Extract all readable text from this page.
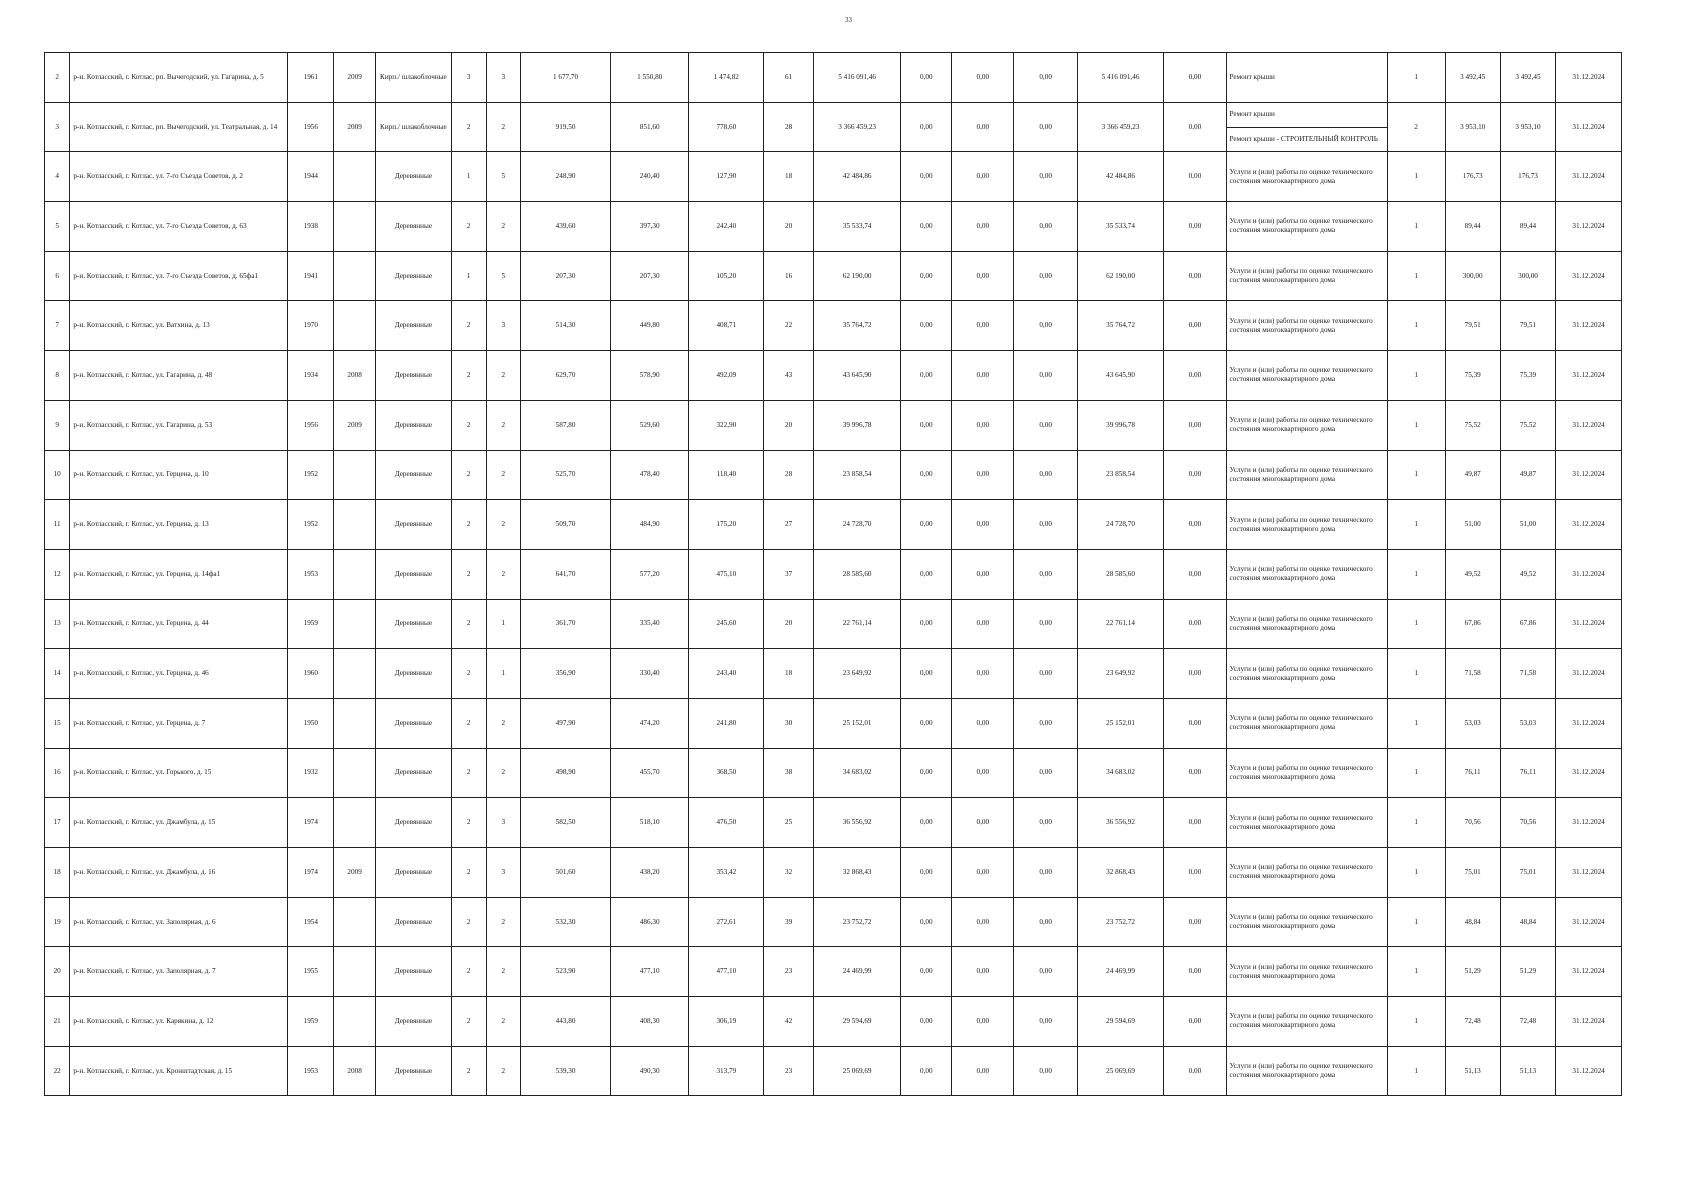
33
2	р-н. Котласский, г. Котлас, рп. Вычегодский, ул. Гагарина, д. 5	1961	2009	Кирп./ шлакоблочные	3	3	1 677,70	1 550,80	1 474,82	61	5 416 091,46	0,00	0,00	0,00	5 416 091,46	0,00	Ремонт крыши	1	3 492,45	3 492,45	31.12.2024
3	р-н. Котласский, г. Котлас, рп. Вычегодский, ул. Театральная, д. 14	1956	2009	Кирп./ шлакоблочные	2	2	919,50	851,60	778,60	28	3 366 459,23	0,00	0,00	0,00	3 366 459,23	0,00	Ремонт крыши
Ремонт крыши - СТРОИТЕЛЬНЫЙ КОНТРОЛЬ	2	3 953,10	3 953,10	31.12.2024
4	р-н. Котласский, г. Котлас, ул. 7-го Съезда Советов, д. 2	1944		Деревянные	1	5	248,90	240,40	127,90	18	42 484,86	0,00	0,00	0,00	42 484,86	0,00	Услуги и (или) работы по оценке технического состояния многоквартирного дома	1	176,73	176,73	31.12.2024
5	р-н. Котласский, г. Котлас, ул. 7-го Съезда Советов, д. 63	1938		Деревянные	2	2	439,60	397,30	242,40	20	35 533,74	0,00	0,00	0,00	35 533,74	0,00	Услуги и (или) работы по оценке технического состояния многоквартирного дома	1	89,44	89,44	31.12.2024
6	р-н. Котласский, г. Котлас, ул. 7-го Съезда Советов, д. 65фа1	1941		Деревянные	1	5	207,30	207,30	105,20	16	62 190,00	0,00	0,00	0,00	62 190,00	0,00	Услуги и (или) работы по оценке технического состояния многоквартирного дома	1	300,00	300,00	31.12.2024
7	р-н. Котласский, г. Котлас, ул. Ватхина, д. 13	1970		Деревянные	2	3	514,30	449,80	408,71	22	35 764,72	0,00	0,00	0,00	35 764,72	0,00	Услуги и (или) работы по оценке технического состояния многоквартирного дома	1	79,51	79,51	31.12.2024
8	р-н. Котласский, г. Котлас, ул. Гагарина, д. 48	1934	2008	Деревянные	2	2	629,70	578,90	492,09	43	43 645,90	0,00	0,00	0,00	43 645,90	0,00	Услуги и (или) работы по оценке технического состояния многоквартирного дома	1	75,39	75,39	31.12.2024
9	р-н. Котласский, г. Котлас, ул. Гагарина, д. 53	1956	2009	Деревянные	2	2	587,80	529,60	322,90	20	39 996,78	0,00	0,00	0,00	39 996,78	0,00	Услуги и (или) работы по оценке технического состояния многоквартирного дома	1	75,52	75,52	31.12.2024
10	р-н. Котласский, г. Котлас, ул. Герцена, д. 10	1952		Деревянные	2	2	525,70	478,40	118,40	28	23 858,54	0,00	0,00	0,00	23 858,54	0,00	Услуги и (или) работы по оценке технического состояния многоквартирного дома	1	49,87	49,87	31.12.2024
11	р-н. Котласский, г. Котлас, ул. Герцена, д. 13	1952		Деревянные	2	2	509,70	484,90	175,20	27	24 728,70	0,00	0,00	0,00	24 728,70	0,00	Услуги и (или) работы по оценке технического состояния многоквартирного дома	1	51,00	51,00	31.12.2024
12	р-н. Котласский, г. Котлас, ул. Герцена, д. 14фа1	1953		Деревянные	2	2	641,70	577,20	475,10	37	28 585,60	0,00	0,00	0,00	28 585,60	0,00	Услуги и (или) работы по оценке технического состояния многоквартирного дома	1	49,52	49,52	31.12.2024
13	р-н. Котласский, г. Котлас, ул. Герцена, д. 44	1959		Деревянные	2	1	361,70	335,40	245,60	20	22 761,14	0,00	0,00	0,00	22 761,14	0,00	Услуги и (или) работы по оценке технического состояния многоквартирного дома	1	67,86	67,86	31.12.2024
14	р-н. Котласский, г. Котлас, ул. Герцена, д. 46	1960		Деревянные	2	1	356,90	330,40	243,40	18	23 649,92	0,00	0,00	0,00	23 649,92	0,00	Услуги и (или) работы по оценке технического состояния многоквартирного дома	1	71,58	71,58	31.12.2024
15	р-н. Котласский, г. Котлас, ул. Герцена, д. 7	1950		Деревянные	2	2	497,90	474,20	241,80	30	25 152,01	0,00	0,00	0,00	25 152,01	0,00	Услуги и (или) работы по оценке технического состояния многоквартирного дома	1	53,03	53,03	31.12.2024
16	р-н. Котласский, г. Котлас, ул. Горького, д. 15	1932		Деревянные	2	2	498,90	455,70	368,50	38	34 683,02	0,00	0,00	0,00	34 683,02	0,00	Услуги и (или) работы по оценке технического состояния многоквартирного дома	1	76,11	76,11	31.12.2024
17	р-н. Котласский, г. Котлас, ул. Джамбула, д. 15	1974		Деревянные	2	3	582,50	518,10	476,50	25	36 556,92	0,00	0,00	0,00	36 556,92	0,00	Услуги и (или) работы по оценке технического состояния многоквартирного дома	1	70,56	70,56	31.12.2024
18	р-н. Котласский, г. Котлас, ул. Джамбула, д. 16	1974	2009	Деревянные	2	3	501,60	438,20	353,42	32	32 868,43	0,00	0,00	0,00	32 868,43	0,00	Услуги и (или) работы по оценке технического состояния многоквартирного дома	1	75,01	75,01	31.12.2024
19	р-н. Котласский, г. Котлас, ул. Заполярная, д. 6	1954		Деревянные	2	2	532,30	486,30	272,61	39	23 752,72	0,00	0,00	0,00	23 752,72	0,00	Услуги и (или) работы по оценке технического состояния многоквартирного дома	1	48,84	48,84	31.12.2024
20	р-н. Котласский, г. Котлас, ул. Заполярная, д. 7	1955		Деревянные	2	2	523,90	477,10	477,10	23	24 469,99	0,00	0,00	0,00	24 469,99	0,00	Услуги и (или) работы по оценке технического состояния многоквартирного дома	1	51,29	51,29	31.12.2024
21	р-н. Котласский, г. Котлас, ул. Карякина, д. 12	1959		Деревянные	2	2	443,80	408,30	306,19	42	29 594,69	0,00	0,00	0,00	29 594,69	0,00	Услуги и (или) работы по оценке технического состояния многоквартирного дома	1	72,48	72,48	31.12.2024
22	р-н. Котласский, г. Котлас, ул. Кронштадтская, д. 15	1953	2008	Деревянные	2	2	539,30	490,30	313,79	23	25 069,69	0,00	0,00	0,00	25 069,69	0,00	Услуги и (или) работы по оценке технического состояния многоквартирного дома	1	51,13	51,13	31.12.2024
